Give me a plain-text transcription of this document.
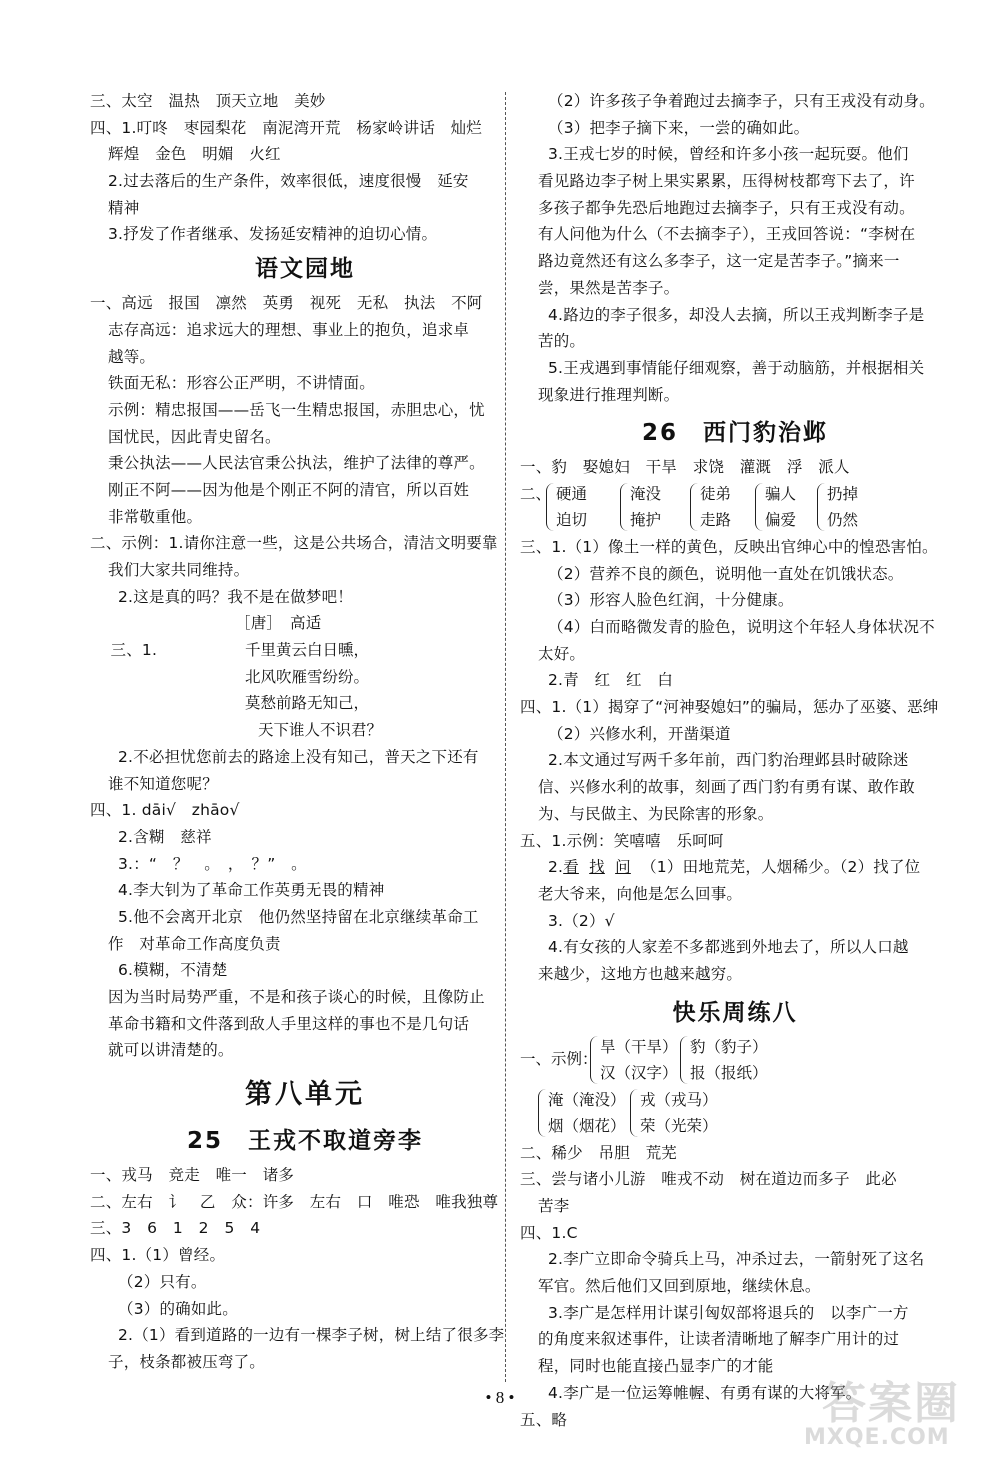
三、太空　温热　顶天立地　美妙
四、1.叮咚　枣园梨花　南泥湾开荒　杨家岭讲话　灿烂
辉煌　金色　明媚　火红
2.过去落后的生产条件，效率很低，速度很慢　延安
精神
3.抒发了作者继承、发扬延安精神的迫切心情。
语文园地
一、高远　报国　凛然　英勇　视死　无私　执法　不阿
志存高远：追求远大的理想、事业上的抱负，追求卓
越等。
铁面无私：形容公正严明，不讲情面。
示例：精忠报国——岳飞一生精忠报国，赤胆忠心，忧
国忧民，因此青史留名。
秉公执法——人民法官秉公执法，维护了法律的尊严。
刚正不阿——因为他是个刚正不阿的清官，所以百姓
非常敬重他。
二、示例：1.请你注意一些，这是公共场合，清洁文明要靠
我们大家共同维持。
2.这是真的吗？我不是在做梦吧！

三、1.

［唐］　高适

千里黄云白日曛，
北风吹雁雪纷纷。
莫愁前路无知己，
天下谁人不识君？
2.不必担忧您前去的路途上没有知己，普天之下还有
谁不知道您呢？
四、1. dāi√　zhāo√
2.含糊　慈祥
3.：“　？　。　，　？”　。
4.李大钊为了革命工作英勇无畏的精神
5.他不会离开北京　他仍然坚持留在北京继续革命工
作　对革命工作高度负责
6.模糊，不清楚
因为当时局势严重，不是和孩子谈心的时候，且像防止
革命书籍和文件落到敌人手里这样的事也不是几句话
就可以讲清楚的。
第八单元
25　王戎不取道旁李
一、戎马　竞走　唯一　诸多
二、左右　讠　乙　众：许多　左右　口　唯恐　唯我独尊
三、3　6　1　2　5　4
四、1.（1）曾经。
（2）只有。
（3）的确如此。
2.（1）看到道路的一边有一棵李子树，树上结了很多李
子，枝条都被压弯了。
（2）许多孩子争着跑过去摘李子，只有王戎没有动身。
（3）把李子摘下来，一尝的确如此。
3.王戎七岁的时候，曾经和许多小孩一起玩耍。他们
看见路边李子树上果实累累，压得树枝都弯下去了，许
多孩子都争先恐后地跑过去摘李子，只有王戎没有动。
有人问他为什么（不去摘李子），王戎回答说：“李树在
路边竟然还有这么多李子，这一定是苦李子。”摘来一
尝，果然是苦李子。
4.路边的李子很多，却没人去摘，所以王戎判断李子是
苦的。
5.王戎遇到事情能仔细观察，善于动脑筋，并根据相关
现象进行推理判断。
26　西门豹治邺
一、豹　娶媳妇　干旱　求饶　灌溉　浮　派人
二、 硬通
迫切
淹没
掩护
徒弟
走路
骗人
偏爱
扔掉
仍然
三、1.（1）像土一样的黄色，反映出官绅心中的惶恐害怕。
（2）营养不良的颜色，说明他一直处在饥饿状态。
（3）形容人脸色红润，十分健康。
（4）白而略微发青的脸色，说明这个年轻人身体状况不
太好。
2.青　红　红　白
四、1.（1）揭穿了“河神娶媳妇”的骗局，惩办了巫婆、恶绅
（2）兴修水利，开凿渠道
2.本文通过写两千多年前，西门豹治理邺县时破除迷
信、兴修水利的故事，刻画了西门豹有勇有谋、敢作敢
为、与民做主、为民除害的形象。
五、1.示例：笑嘻嘻　乐呵呵
2.看 找 问 （1）田地荒芜，人烟稀少。（2）找了位
老大爷来，向他是怎么回事。
3.（2）√
4.有女孩的人家差不多都逃到外地去了，所以人口越
来越少，这地方也越来越穷。
快乐周练八
一、示例：
旱（干旱）
汉（汉字）
豹（豹子）
报（报纸）
淹（淹没）
烟（烟花）
戎（戎马）
荣（光荣）
二、稀少　吊胆　荒芜
三、尝与诸小儿游　唯戎不动　树在道边而多子　此必
苦李
四、1.C
2.李广立即命令骑兵上马，冲杀过去，一箭射死了这名
军官。然后他们又回到原地，继续休息。
3.李广是怎样用计谋引匈奴部将退兵的　以李广一方
的角度来叙述事件，让读者清晰地了解李广用计的过
程，同时也能直接凸显李广的才能
4.李广是一位运筹帷幄、有勇有谋的大将军。
五、略
• 8 •	答案圈
MXQE.COM
